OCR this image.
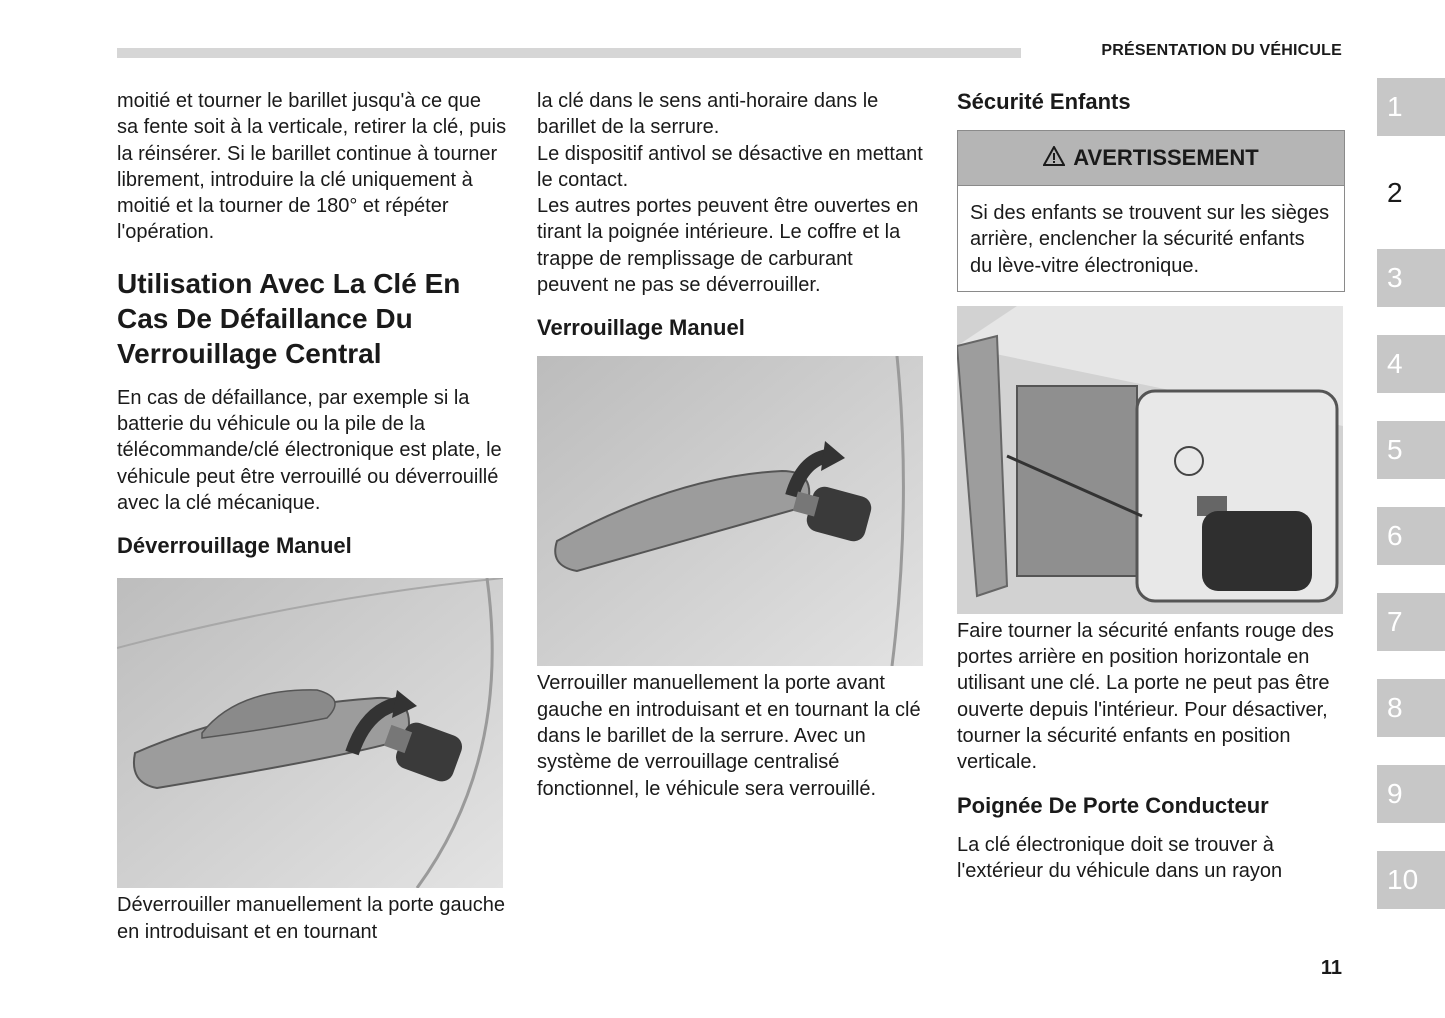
PRÉSENTATION DU VÉHICULE

moitié et tourner le barillet jusqu'à ce que sa fente soit à la verticale, retirer la clé, puis la réinsérer. Si le barillet continue à tourner librement, introduire la clé uniquement à moitié et la tourner de 180° et répéter l'opération.

Utilisation Avec La Clé En Cas De Défaillance Du Verrouillage Central

En cas de défaillance, par exemple si la batterie du véhicule ou la pile de la télécommande/clé électronique est plate, le véhicule peut être verrouillé ou déverrouillé avec la clé mécanique.

Déverrouillage Manuel

Déverrouiller manuellement la porte gauche en introduisant et en tournant

la clé dans le sens anti-horaire dans le barillet de la serrure.

Le dispositif antivol se désactive en mettant le contact.

Les autres portes peuvent être ouvertes en tirant la poignée intérieure. Le coffre et la trappe de remplissage de carburant peuvent ne pas se déverrouiller.

Verrouillage Manuel

Verrouiller manuellement la porte avant gauche en introduisant et en tournant la clé dans le barillet de la serrure. Avec un système de verrouillage centralisé fonctionnel, le véhicule sera verrouillé.

Sécurité Enfants
AVERTISSEMENT

Si des enfants se trouvent sur les sièges arrière, enclencher la sécurité enfants du lève-vitre électronique.

Faire tourner la sécurité enfants rouge des portes arrière en position horizontale en utilisant une clé. La porte ne peut pas être ouverte depuis l'intérieur. Pour désactiver, tourner la sécurité enfants en position verticale.

Poignée De Porte Conducteur

La clé électronique doit se trouver à l'extérieur du véhicule dans un rayon

1
2
3
4
5
6
7
8
9
10
11
